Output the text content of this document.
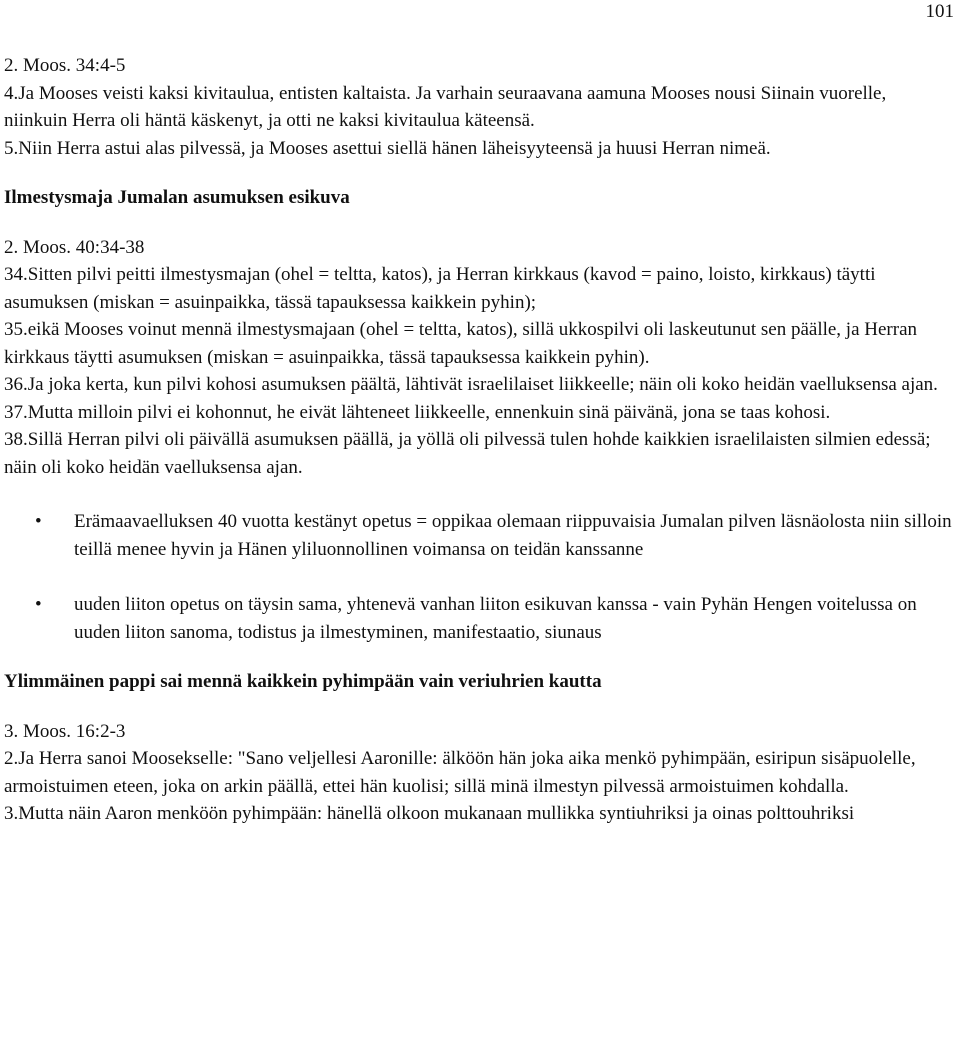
101

2. Moos. 34:4-5

4.Ja Mooses veisti kaksi kivitaulua, entisten kaltaista. Ja varhain seuraavana aamuna Mooses nousi Siinain vuorelle, niinkuin Herra oli häntä käskenyt, ja otti ne kaksi kivitaulua käteensä.

5.Niin Herra astui alas pilvessä, ja Mooses asettui siellä hänen läheisyyteensä ja huusi Herran nimeä.

Ilmestysmaja Jumalan asumuksen esikuva

2. Moos. 40:34-38

34.Sitten pilvi peitti ilmestysmajan (ohel = teltta, katos), ja Herran kirkkaus (kavod = paino, loisto, kirkkaus) täytti asumuksen (miskan = asuinpaikka, tässä tapauksessa kaikkein pyhin);

35.eikä Mooses voinut mennä ilmestysmajaan (ohel = teltta, katos), sillä ukkospilvi oli laskeutunut sen päälle, ja Herran kirkkaus täytti asumuksen (miskan = asuinpaikka, tässä tapauksessa kaikkein pyhin).

36.Ja joka kerta, kun pilvi kohosi asumuksen päältä, lähtivät israelilaiset liikkeelle; näin oli koko heidän vaelluksensa ajan.

37.Mutta milloin pilvi ei kohonnut, he eivät lähteneet liikkeelle, ennenkuin sinä päivänä, jona se taas kohosi.

38.Sillä Herran pilvi oli päivällä asumuksen päällä, ja yöllä oli pilvessä tulen hohde kaikkien israelilaisten silmien edessä; näin oli koko heidän vaelluksensa ajan.

• Erämaavaelluksen 40 vuotta kestänyt opetus = oppikaa olemaan riippuvaisia Jumalan pilven läsnäolosta niin silloin teillä menee hyvin ja Hänen yliluonnollinen voimansa on teidän kanssanne
• uuden liiton opetus on täysin sama, yhtenevä vanhan liiton esikuvan kanssa - vain Pyhän Hengen voitelussa on uuden liiton sanoma, todistus ja ilmestyminen, manifestaatio, siunaus

Ylimmäinen pappi sai mennä kaikkein pyhimpään vain veriuhrien kautta

3. Moos. 16:2-3

2.Ja Herra sanoi Moosekselle: "Sano veljellesi Aaronille: älköön hän joka aika menkö pyhimpään, esiripun sisäpuolelle, armoistuimen eteen, joka on arkin päällä, ettei hän kuolisi; sillä minä ilmestyn pilvessä armoistuimen kohdalla.

3.Mutta näin Aaron menköön pyhimpään: hänellä olkoon mukanaan mullikka syntiuhriksi ja oinas polttouhriksi
